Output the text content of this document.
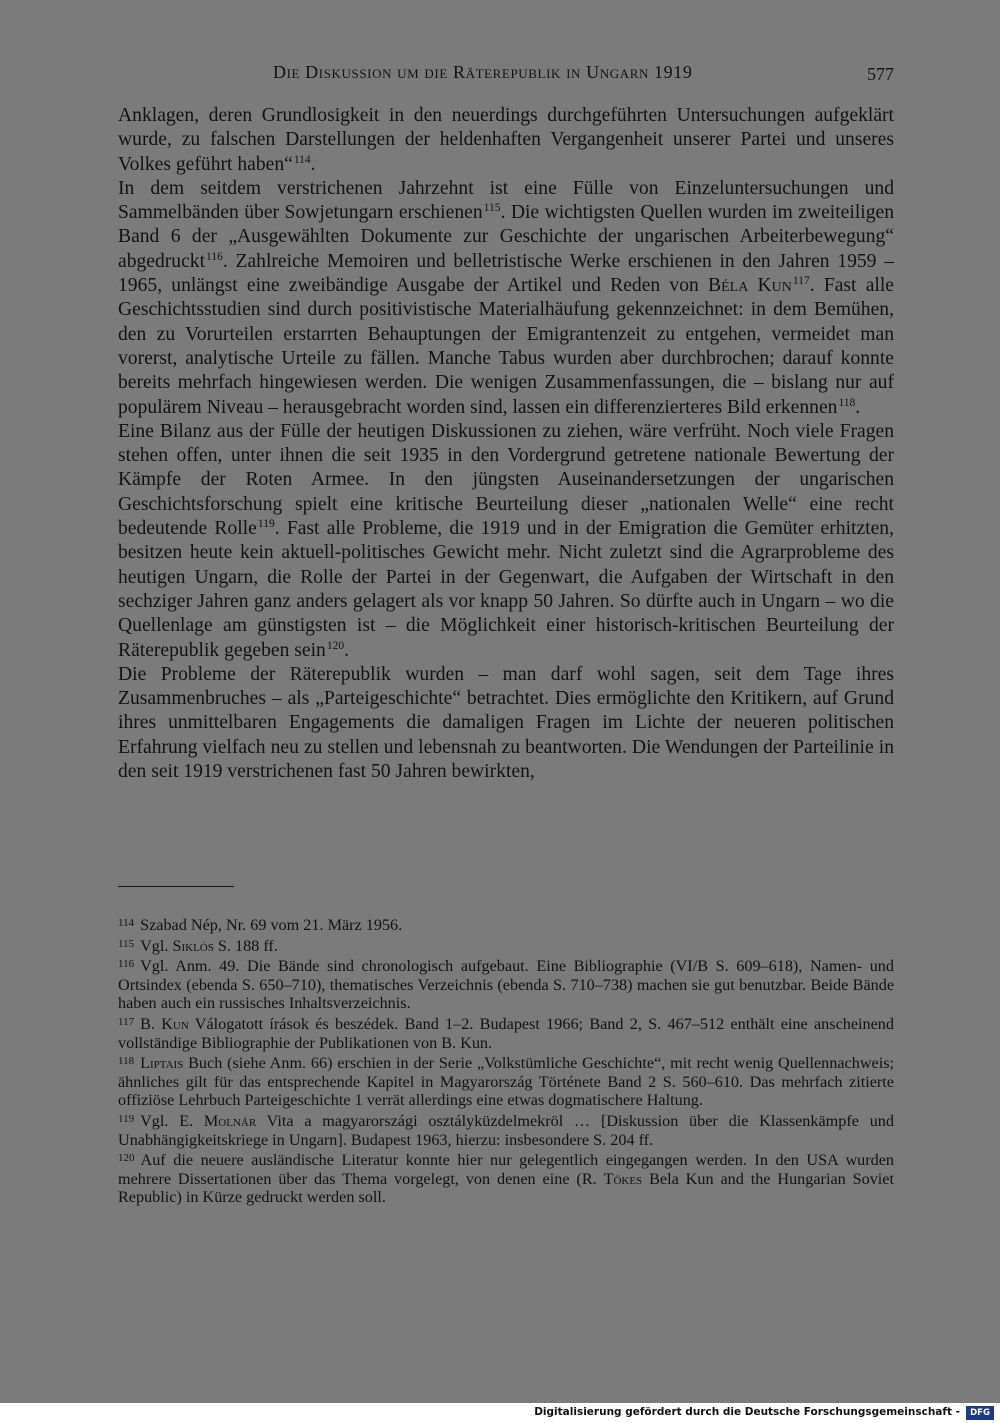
Die Diskussion um die Räterepublik in Ungarn 1919	577

Anklagen, deren Grundlosigkeit in den neuerdings durchgeführten Untersuchungen aufgeklärt wurde, zu falschen Darstellungen der heldenhaften Vergangenheit unserer Partei und unseres Volkes geführt haben“$^{114}$.

In dem seitdem verstrichenen Jahrzehnt ist eine Fülle von Einzeluntersuchungen und Sammelbänden über Sowjetungarn erschienen$^{115}$. Die wichtigsten Quellen wurden im zweiteiligen Band 6 der „Ausgewählten Dokumente zur Geschichte der ungarischen Arbeiterbewegung“ abgedruckt$^{116}$. Zahlreiche Memoiren und belletristische Werke erschienen in den Jahren 1959 – 1965, unlängst eine zweibändige Ausgabe der Artikel und Reden von Béla Kun$^{117}$. Fast alle Geschichtsstudien sind durch positivistische Materialhäufung gekennzeichnet: in dem Bemühen, den zu Vorurteilen erstarrten Behauptungen der Emigrantenzeit zu entgehen, vermeidet man vorerst, analytische Urteile zu fällen. Manche Tabus wurden aber durchbrochen; darauf konnte bereits mehrfach hingewiesen werden. Die wenigen Zusammenfassungen, die – bislang nur auf populärem Niveau – herausgebracht worden sind, lassen ein differenzierteres Bild erkennen$^{118}$.

Eine Bilanz aus der Fülle der heutigen Diskussionen zu ziehen, wäre verfrüht. Noch viele Fragen stehen offen, unter ihnen die seit 1935 in den Vordergrund getretene nationale Bewertung der Kämpfe der Roten Armee. In den jüngsten Auseinandersetzungen der ungarischen Geschichtsforschung spielt eine kritische Beurteilung dieser „nationalen Welle“ eine recht bedeutende Rolle$^{119}$. Fast alle Probleme, die 1919 und in der Emigration die Gemüter erhitzten, besitzen heute kein aktuell-politisches Gewicht mehr. Nicht zuletzt sind die Agrarprobleme des heutigen Ungarn, die Rolle der Partei in der Gegenwart, die Aufgaben der Wirtschaft in den sechziger Jahren ganz anders gelagert als vor knapp 50 Jahren. So dürfte auch in Ungarn – wo die Quellenlage am günstigsten ist – die Möglichkeit einer historisch-kritischen Beurteilung der Räterepublik gegeben sein$^{120}$.

Die Probleme der Räterepublik wurden – man darf wohl sagen, seit dem Tage ihres Zusammenbruches – als „Parteigeschichte“ betrachtet. Dies ermöglichte den Kritikern, auf Grund ihres unmittelbaren Engagements die damaligen Fragen im Lichte der neueren politischen Erfahrung vielfach neu zu stellen und lebensnah zu beantworten. Die Wendungen der Parteilinie in den seit 1919 verstrichenen fast 50 Jahren bewirkten,

$^{114}$ Szabad Nép, Nr. 69 vom 21. März 1956.

$^{115}$ Vgl. Siklós S. 188 ff.

$^{116}$ Vgl. Anm. 49. Die Bände sind chronologisch aufgebaut. Eine Bibliographie (VI/B S. 609–618), Namen- und Ortsindex (ebenda S. 650–710), thematisches Verzeichnis (ebenda S. 710–738) machen sie gut benutzbar. Beide Bände haben auch ein russisches Inhaltsverzeichnis.

$^{117}$ B. Kun Válogatott írások és beszédek. Band 1–2. Budapest 1966; Band 2, S. 467–512 enthält eine anscheinend vollständige Bibliographie der Publikationen von B. Kun.

$^{118}$ Liptais Buch (siehe Anm. 66) erschien in der Serie „Volkstümliche Geschichte“, mit recht wenig Quellennachweis; ähnliches gilt für das entsprechende Kapitel in Magyarország Története Band 2 S. 560–610. Das mehrfach zitierte offiziöse Lehrbuch Parteigeschichte 1 verrät allerdings eine etwas dogmatischere Haltung.

$^{119}$ Vgl. E. Molnár Vita a magyarországi osztályküzdelmekröl … [Diskussion über die Klassenkämpfe und Unabhängigkeitskriege in Ungarn]. Budapest 1963, hierzu: insbesondere S. 204 ff.

$^{120}$ Auf die neuere ausländische Literatur konnte hier nur gelegentlich eingegangen werden. In den USA wurden mehrere Dissertationen über das Thema vorgelegt, von denen eine (R. Tökes Bela Kun and the Hungarian Soviet Republic) in Kürze gedruckt werden soll.

Digitalisierung gefördert durch die Deutsche Forschungsgemeinschaft -	DFG
